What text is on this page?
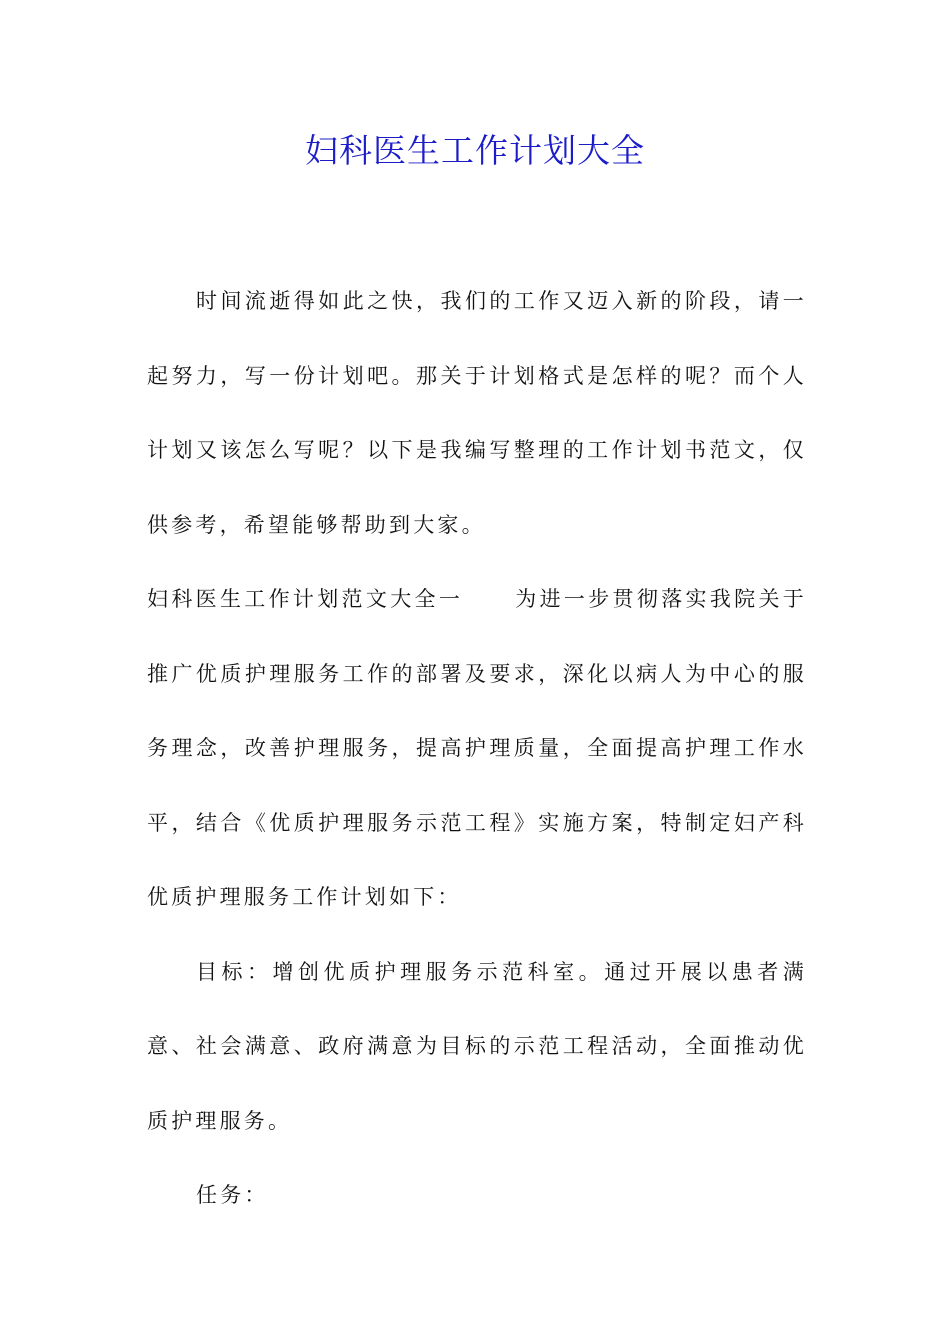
妇科医生工作计划大全

时间流逝得如此之快，我们的工作又迈入新的阶段，请一起努力，写一份计划吧。那关于计划格式是怎样的呢？而个人计划又该怎么写呢？以下是我编写整理的工作计划书范文，仅供参考，希望能够帮助到大家。

妇科医生工作计划范文大全一 为进一步贯彻落实我院关于推广优质护理服务工作的部署及要求，深化以病人为中心的服务理念，改善护理服务，提高护理质量，全面提高护理工作水平，结合《优质护理服务示范工程》实施方案，特制定妇产科优质护理服务工作计划如下：

目标：增创优质护理服务示范科室。通过开展以患者满意、社会满意、政府满意为目标的示范工程活动，全面推动优质护理服务。

任务：
